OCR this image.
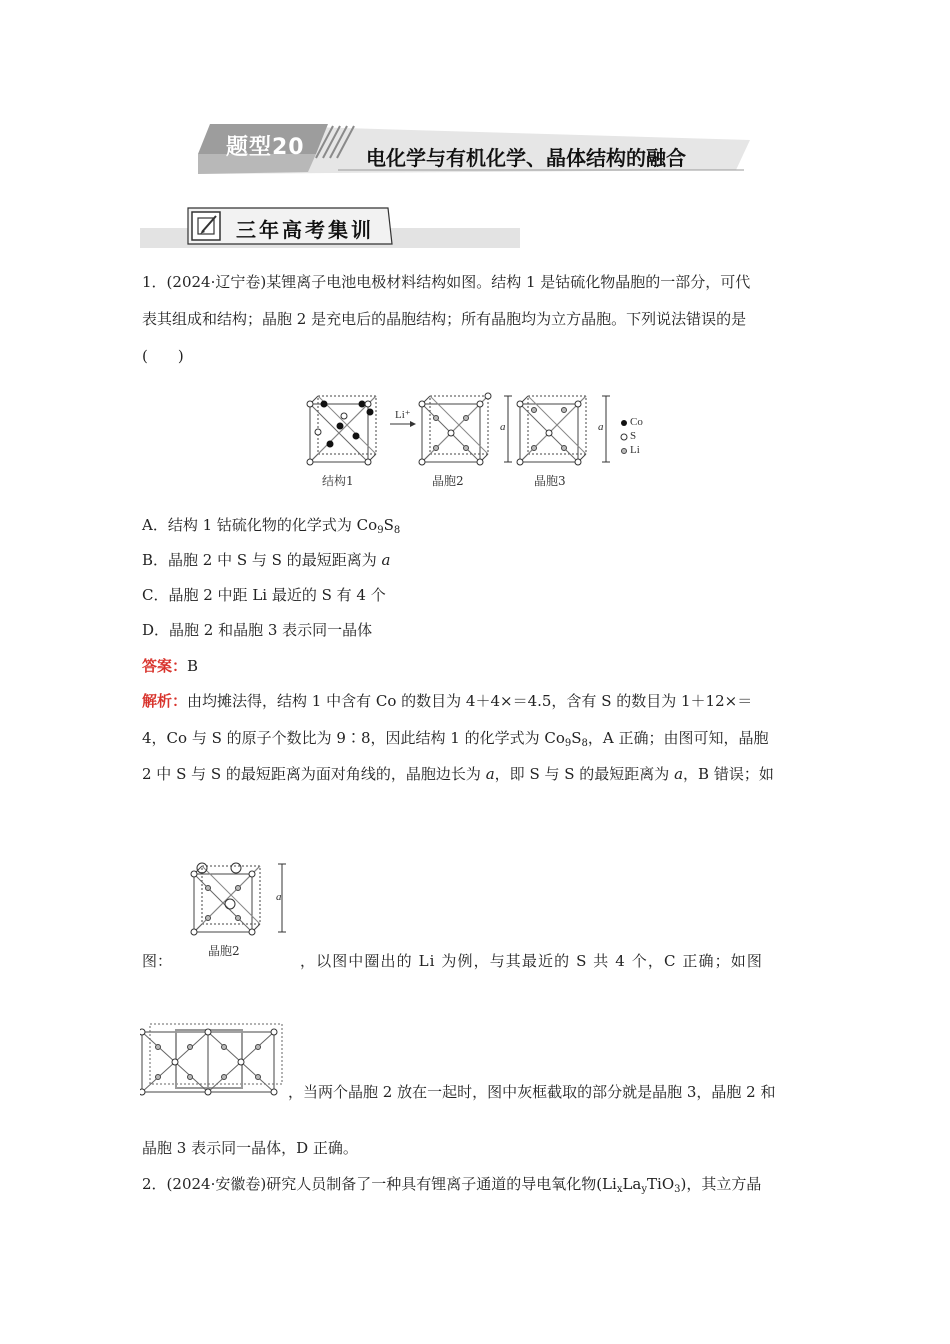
题型20	电化学与有机化学、晶体结构的融合
三年高考集训
1．(2024·辽宁卷)某锂离子电池电极材料结构如图。结构 1 是钴硫化物晶胞的一部分，可代
表其组成和结构；晶胞 2 是充电后的晶胞结构；所有晶胞均为立方晶胞。下列说法错误的是
(　　)
a	a
Li⁺
Co
S
Li
结构1	晶胞2	晶胞3
A．结构 1 钴硫化物的化学式为 $Co_9S_8$
B．晶胞 2 中 S 与 S 的最短距离为 a
C．晶胞 2 中距 Li 最近的 S 有 4 个
D．晶胞 2 和晶胞 3 表示同一晶体
答案：B
解析：由均摊法得，结构 1 中含有 Co 的数目为 4＋4×＝4.5，含有 S 的数目为 1＋12×＝
4，Co 与 S 的原子个数比为 9∶8，因此结构 1 的化学式为 $Co_9S_8$，A 正确；由图可知，晶胞
2 中 S 与 S 的最短距离为面对角线的，晶胞边长为 a，即 S 与 S 的最短距离为 a，B 错误；如
a
晶胞2
图：	，以图中圈出的 Li 为例，与其最近的 S 共 4 个，C 正确；如图
，当两个晶胞 2 放在一起时，图中灰框截取的部分就是晶胞 3，晶胞 2 和
晶胞 3 表示同一晶体，D 正确。
2．(2024·安徽卷)研究人员制备了一种具有锂离子通道的导电氧化物$(Li_xLa_yTiO_3)$，其立方晶
